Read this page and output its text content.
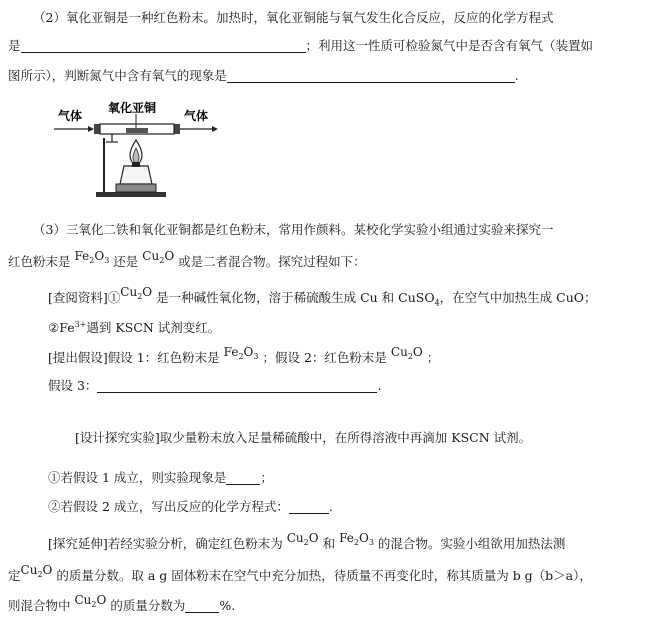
（2）氧化亚铜是一种红色粉末。加热时，氧化亚铜能与氧气发生化合反应，反应的化学方程式
是	；利用这一性质可检验氮气中是否含有氧气（装置如
图所示），判断氮气中含有氧气的现象是	.
气体
氧化亚铜
气体
（3）三氧化二铁和氧化亚铜都是红色粉末，常用作颜料。某校化学实验小组通过实验来探究一
红色粉末是 $Fe_2O_3$ 还是 $Cu_2O$ 或是二者混合物。探究过程如下：
[查阅资料]$①Cu_2O$ 是一种碱性氧化物，溶于稀硫酸生成 Cu 和 CuSO$_4$，在空气中加热生成 CuO；
$②Fe^{3+}$遇到 KSCN 试剂变红。
[提出假设]假设 1：红色粉末是 $Fe_2O_3$ ；假设 2：红色粉末是 $Cu_2O$ ；
假设 3：	.
[设计探究实验]取少量粉末放入足量稀硫酸中，在所得溶液中再滴加 KSCN 试剂。
①若假设 1 成立，则实验现象是	；
②若假设 2 成立，写出反应的化学方程式：	.
[探究延伸]若经实验分析，确定红色粉末为 $Cu_2O$ 和 $Fe_2O_3$ 的混合物。实验小组欲用加热法测
定$Cu_2O$ 的质量分数。取 a g 固体粉末在空气中充分加热，待质量不再变化时，称其质量为 b g（b＞a），
则混合物中 $Cu_2O$ 的质量分数为	%.
